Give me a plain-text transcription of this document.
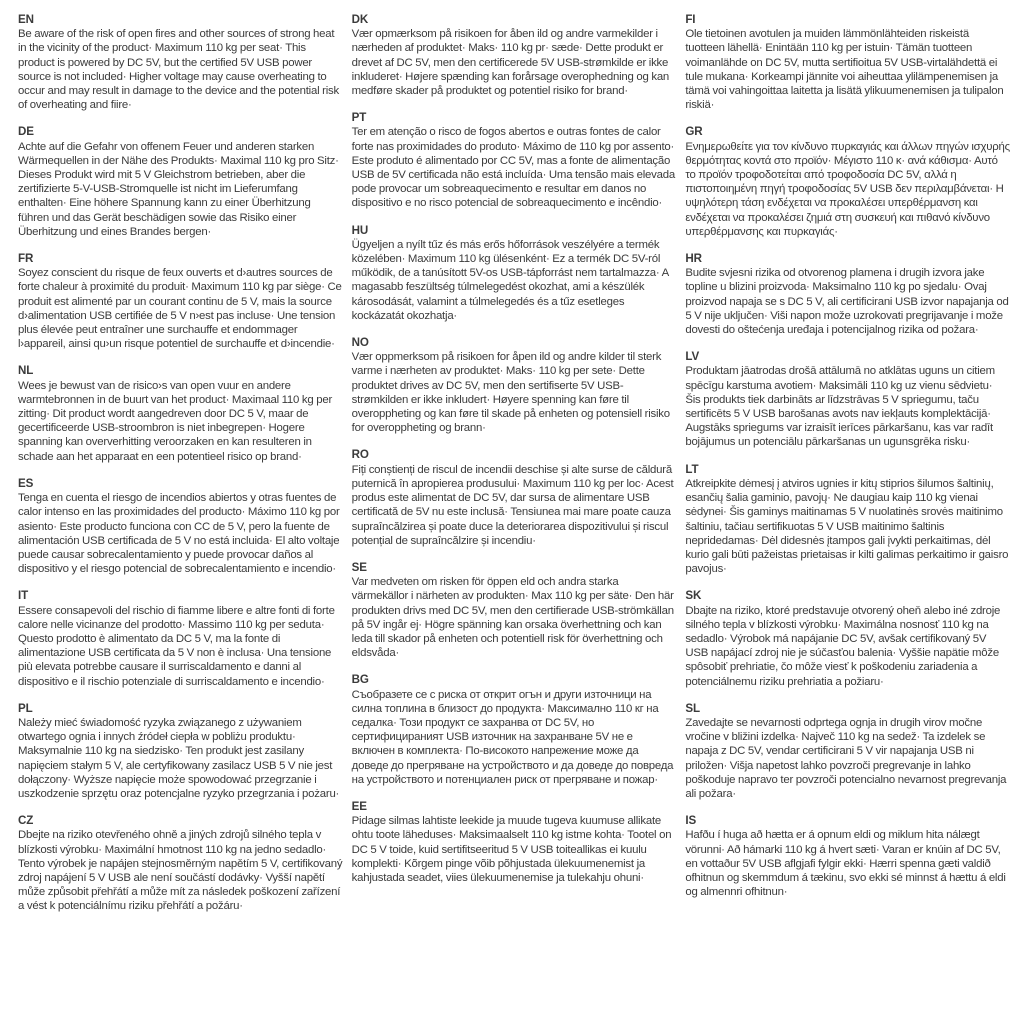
EN
Be aware of the risk of open fires and other sources of strong heat in the vicinity of the product· Maximum 110 kg per seat· This product is powered by DC 5V, but the certified 5V USB power source is not included· Higher voltage may cause overheating to occur and may result in damage to the device and the potential risk of overheating and fiire·
DE
Achte auf die Gefahr von offenem Feuer und anderen starken Wärmequellen in der Nähe des Produkts· Maximal 110 kg pro Sitz· Dieses Produkt wird mit 5 V Gleichstrom betrieben, aber die zertifizierte 5-V-USB-Stromquelle ist nicht im Lieferumfang enthalten· Eine höhere Spannung kann zu einer Überhitzung führen und das Gerät beschädigen sowie das Risiko einer Überhitzung und eines Brandes bergen·
FR
Soyez conscient du risque de feux ouverts et d›autres sources de forte chaleur à proximité du produit· Maximum 110 kg par siège· Ce produit est alimenté par un courant continu de 5 V, mais la source d›alimentation USB certifiée de 5 V n›est pas incluse· Une tension plus élevée peut entraîner une surchauffe et endommager l›appareil, ainsi qu›un risque potentiel de surchauffe et d›incendie·
NL
Wees je bewust van de risico›s van open vuur en andere warmtebronnen in de buurt van het product· Maximaal 110 kg per zitting· Dit product wordt aangedreven door DC 5 V, maar de gecertificeerde USB-stroombron is niet inbegrepen· Hogere spanning kan oververhitting veroorzaken en kan resulteren in schade aan het apparaat en een potentieel risico op brand·
ES
Tenga en cuenta el riesgo de incendios abiertos y otras fuentes de calor intenso en las proximidades del producto· Máximo 110 kg por asiento· Este producto funciona con CC de 5 V, pero la fuente de alimentación USB certificada de 5 V no está incluida· El alto voltaje puede causar sobrecalentamiento y puede provocar daños al dispositivo y el riesgo potencial de sobrecalentamiento e incendio·
IT
Essere consapevoli del rischio di fiamme libere e altre fonti di forte calore nelle vicinanze del prodotto· Massimo 110 kg per seduta· Questo prodotto è alimentato da DC 5 V, ma la fonte di alimentazione USB certificata da 5 V non è inclusa· Una tensione più elevata potrebbe causare il surriscaldamento e danni al dispositivo e il rischio potenziale di surriscaldamento e incendio·
PL
Należy mieć świadomość ryzyka związanego z używaniem otwartego ognia i innych źródeł ciepła w pobliżu produktu· Maksymalnie 110 kg na siedzisko· Ten produkt jest zasilany napięciem stałym 5 V, ale certyfikowany zasilacz USB 5 V nie jest dołączony· Wyższe napięcie może spowodować przegrzanie i uszkodzenie sprzętu oraz potencjalne ryzyko przegrzania i pożaru·
CZ
Dbejte na riziko otevřeného ohně a jiných zdrojů silného tepla v blízkosti výrobku· Maximální hmotnost 110 kg na jedno sedadlo· Tento výrobek je napájen stejnosměrným napětím 5 V, certifikovaný zdroj napájení 5 V USB ale není součástí dodávky· Vyšší napětí může způsobit přehřátí a může mít za následek poškození zařízení a vést k potenciálnímu riziku přehřátí a požáru·
DK
Vær opmærksom på risikoen for åben ild og andre varmekilder i nærheden af produktet· Maks· 110 kg pr· sæde· Dette produkt er drevet af DC 5V, men den certificerede 5V USB-strømkilde er ikke inkluderet· Højere spænding kan forårsage overophedning og kan medføre skader på produktet og potentiel risiko for brand·
PT
Ter em atenção o risco de fogos abertos e outras fontes de calor forte nas proximidades do produto· Máximo de 110 kg por assento· Este produto é alimentado por CC 5V, mas a fonte de alimentação USB de 5V certificada não está incluída· Uma tensão mais elevada pode provocar um sobreaquecimento e resultar em danos no dispositivo e no risco potencial de sobreaquecimento e incêndio·
HU
Ügyeljen a nyílt tűz és más erős hőforrások veszélyére a termék közelében· Maximum 110 kg ülésenként· Ez a termék DC 5V-ról működik, de a tanúsított 5V-os USB-tápforrást nem tartalmazza· A magasabb feszültség túlmelegedést okozhat, ami a készülék károsodását, valamint a túlmelegedés és a tűz esetleges kockázatát okozhatja·
NO
Vær oppmerksom på risikoen for åpen ild og andre kilder til sterk varme i nærheten av produktet· Maks· 110 kg per sete· Dette produktet drives av DC 5V, men den sertifiserte 5V USB-strømkilden er ikke inkludert· Høyere spenning kan føre til overoppheting og kan føre til skade på enheten og potensiell risiko for overoppheting og brann·
RO
Fiți conștienți de riscul de incendii deschise și alte surse de căldură puternică în apropierea produsului· Maximum 110 kg per loc· Acest produs este alimentat de DC 5V, dar sursa de alimentare USB certificată de 5V nu este inclusă· Tensiunea mai mare poate cauza supraîncălzirea și poate duce la deteriorarea dispozitivului și riscul potențial de supraîncălzire și incendiu·
SE
Var medveten om risken för öppen eld och andra starka värmekällor i närheten av produkten· Max 110 kg per säte· Den här produkten drivs med DC 5V, men den certifierade USB-strömkällan på 5V ingår ej· Högre spänning kan orsaka överhettning och kan leda till skador på enheten och potentiell risk för överhettning och eldsvåda·
BG
Съобразете се с риска от открит огън и други източници на силна топлина в близост до продукта· Максимално 110 кг на седалка· Този продукт се захранва от DC 5V, но сертифицираният USB източник на захранване 5V не е включен в комплекта· По-високото напрежение може да доведе до прегряване на устройството и да доведе до повреда на устройството и потенциален риск от прегряване и пожар·
EE
Pidage silmas lahtiste leekide ja muude tugeva kuumuse allikate ohtu toote läheduses· Maksimaalselt 110 kg istme kohta· Tootel on DC 5 V toide, kuid sertifitseeritud 5 V USB toiteallikas ei kuulu komplekti· Kõrgem pinge võib põhjustada ülekuumenemist ja kahjustada seadet, viies ülekuumenemise ja tulekahju ohuni·
FI
Ole tietoinen avotulen ja muiden lämmönlähteiden riskeistä tuotteen lähellä· Enintään 110 kg per istuin· Tämän tuotteen voimanlähde on DC 5V, mutta sertifioitua 5V USB-virtalähdettä ei tule mukana· Korkeampi jännite voi aiheuttaa ylilämpenemisen ja tämä voi vahingoittaa laitetta ja lisätä ylikuumenemisen ja tulipalon riskiä·
GR
Ενημερωθείτε για τον κίνδυνο πυρκαγιάς και άλλων πηγών ισχυρής θερμότητας κοντά στο προϊόν· Μέγιστο 110 κ· ανά κάθισμα· Αυτό το προϊόν τροφοδοτείται από τροφοδοσία DC 5V, αλλά η πιστοποιημένη πηγή τροφοδοσίας 5V USB δεν περιλαμβάνεται· Η υψηλότερη τάση ενδέχεται να προκαλέσει υπερθέρμανση και ενδέχεται να προκαλέσει ζημιά στη συσκευή και πιθανό κίνδυνο υπερθέρμανσης και πυρκαγιάς·
HR
Budite svjesni rizika od otvorenog plamena i drugih izvora jake topline u blizini proizvoda· Maksimalno 110 kg po sjedalu· Ovaj proizvod napaja se s DC 5 V, ali certificirani USB izvor napajanja od 5 V nije uključen· Viši napon može uzrokovati pregrijavanje i može dovesti do oštećenja uređaja i potencijalnog rizika od požara·
LV
Produktam jāatrodas drošā attālumā no atklātas uguns un citiem spēcīgu karstuma avotiem· Maksimāli 110 kg uz vienu sēdvietu· Šis produkts tiek darbināts ar līdzstrāvas 5 V spriegumu, taču sertificēts 5 V USB barošanas avots nav iekļauts komplektācijā· Augstāks spriegums var izraisīt ierīces pārkaršanu, kas var radīt bojājumus un potenciālu pārkaršanas un ugunsgrēka risku·
LT
Atkreipkite dėmesį į atviros ugnies ir kitų stiprios šilumos šaltinių, esančių šalia gaminio, pavojų· Ne daugiau kaip 110 kg vienai sėdynei· Šis gaminys maitinamas 5 V nuolatinės srovės maitinimo šaltiniu, tačiau sertifikuotas 5 V USB maitinimo šaltinis nepridedamas· Dėl didesnės įtampos gali įvykti perkaitimas, dėl kurio gali būti pažeistas prietaisas ir kilti galimas perkaitimo ir gaisro pavojus·
SK
Dbajte na riziko, ktoré predstavuje otvorený oheň alebo iné zdroje silného tepla v blízkosti výrobku· Maximálna nosnosť 110 kg na sedadlo· Výrobok má napájanie DC 5V, avšak certifikovaný 5V USB napájací zdroj nie je súčasťou balenia· Vyššie napätie môže spôsobiť prehriatie, čo môže viesť k poškodeniu zariadenia a potenciálnemu riziku prehriatia a požiaru·
SL
Zavedajte se nevarnosti odprtega ognja in drugih virov močne vročine v bližini izdelka· Največ 110 kg na sedež· Ta izdelek se napaja z DC 5V, vendar certificirani 5 V vir napajanja USB ni priložen· Višja napetost lahko povzroči pregrevanje in lahko poškoduje napravo ter povzroči potencialno nevarnost pregrevanja ali požara·
IS
Hafðu í huga að hætta er á opnum eldi og miklum hita nálægt vörunni· Að hámarki 110 kg á hvert sæti· Varan er knúin af DC 5V, en vottaður 5V USB aflgjafi fylgir ekki· Hærri spenna gæti valdið ofhitnun og skemmdum á tækinu, svo ekki sé minnst á hættu á eldi og almennri ofhitnun·
